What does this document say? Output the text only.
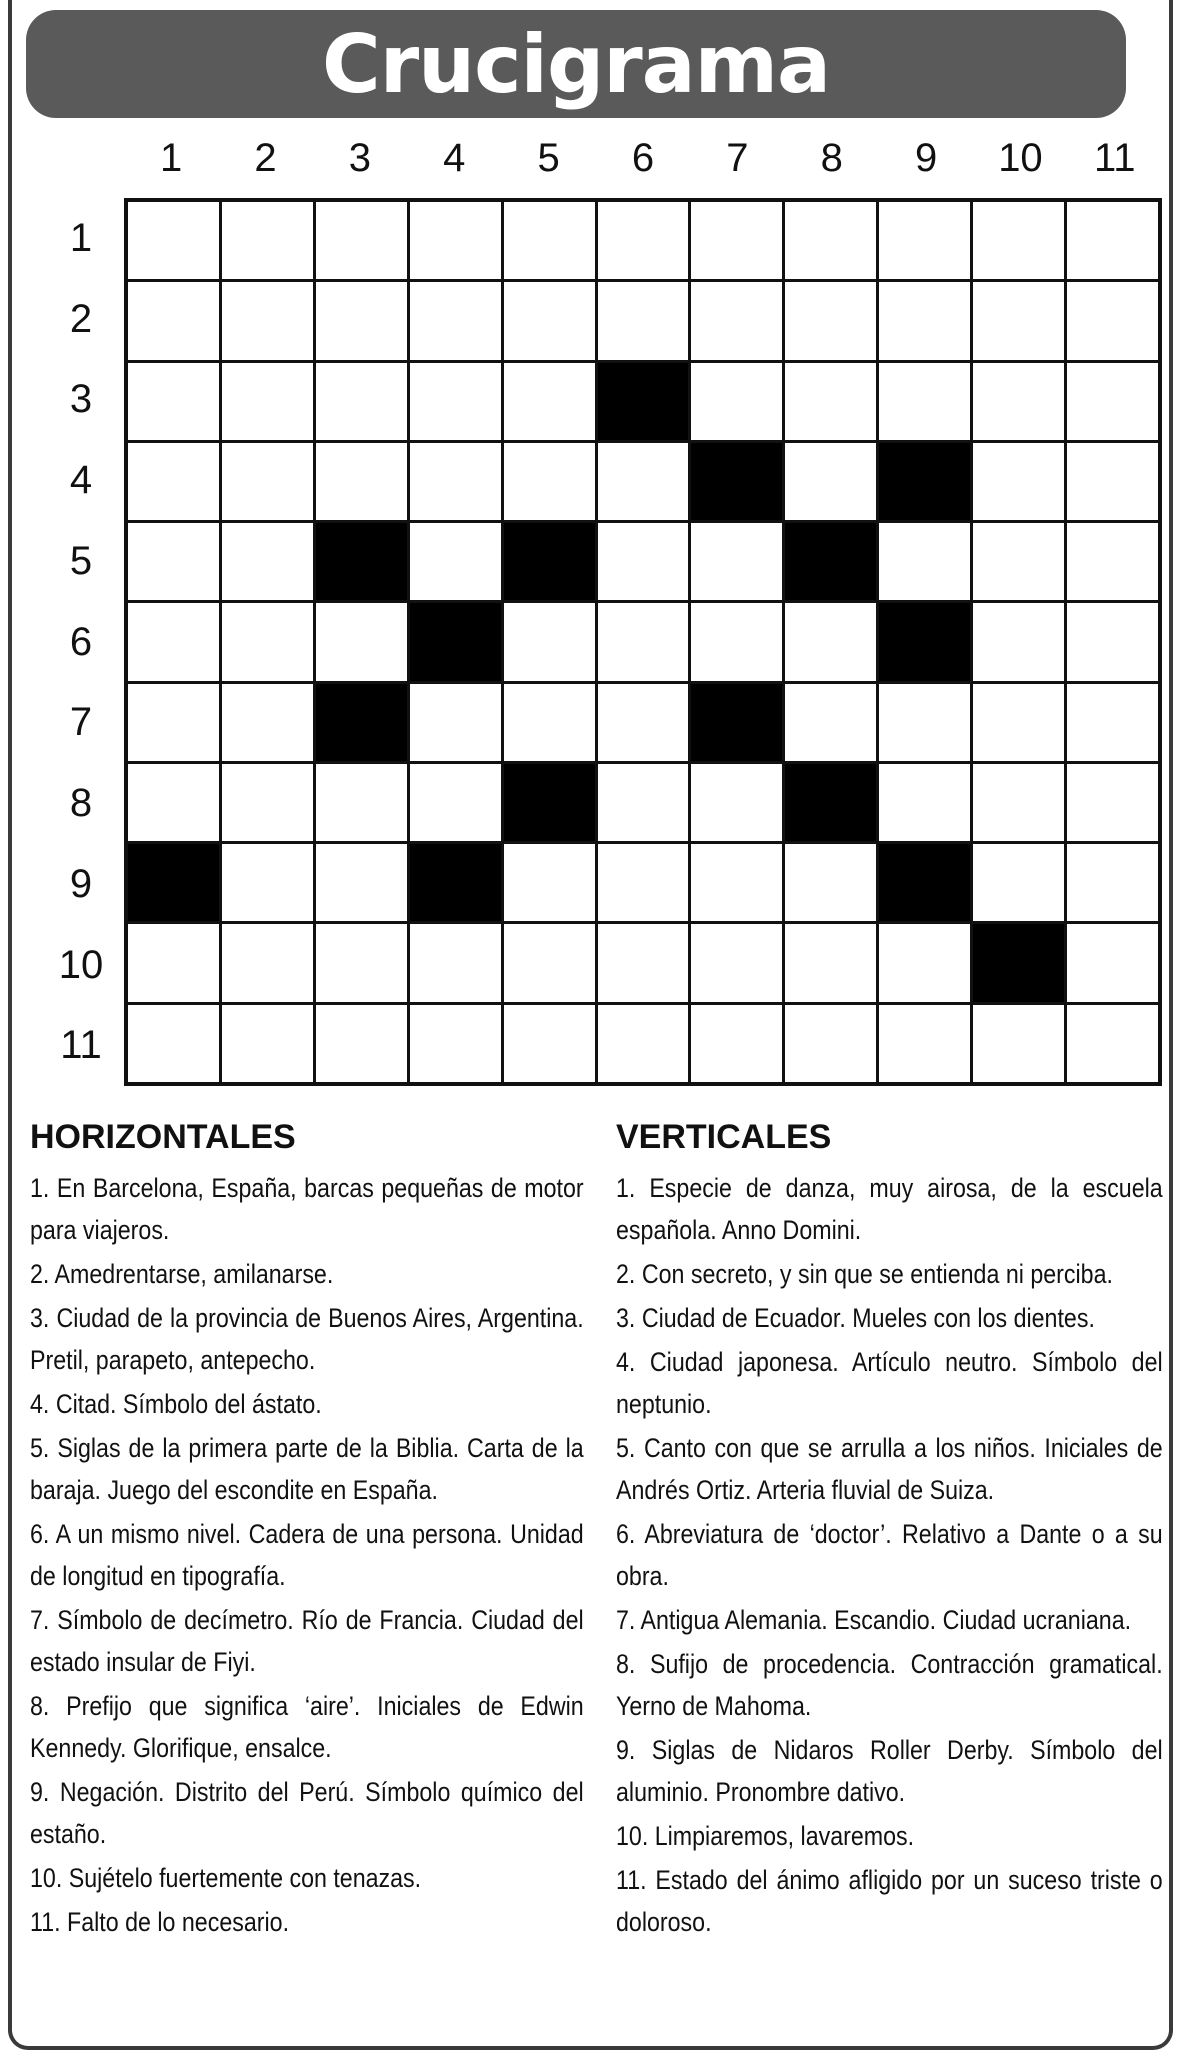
Crucigrama
1	2	3	4	5	6	7	8	9	10	11
1
2
3
4
5
6
7
8
9
10
11
HORIZONTALES
1. En Barcelona, España, barcas pequeñas de motor para viajeros.
2. Amedrentarse, amilanarse.
3. Ciudad de la provincia de Buenos Aires, Argentina. Pretil, parapeto, antepecho.
4. Citad. Símbolo del ástato.
5. Siglas de la primera parte de la Biblia. Carta de la baraja. Juego del escondite en España.
6. A un mismo nivel. Cadera de una persona. Unidad de longitud en tipografía.
7. Símbolo de decímetro. Río de Francia. Ciudad del estado insular de Fiyi.
8. Prefijo que significa ‘aire’. Iniciales de Edwin Kennedy. Glorifique, ensalce.
9. Negación. Distrito del Perú. Símbolo químico del estaño.
10. Sujételo fuertemente con tenazas.
11. Falto de lo necesario.
VERTICALES
1. Especie de danza, muy airosa, de la escuela española. Anno Domini.
2. Con secreto, y sin que se entienda ni perciba.
3. Ciudad de Ecuador. Mueles con los dientes.
4. Ciudad japonesa. Artículo neutro. Símbolo del neptunio.
5. Canto con que se arrulla a los niños. Iniciales de Andrés Ortiz. Arteria fluvial de Suiza.
6. Abreviatura de ‘doctor’. Relativo a Dante o a su obra.
7. Antigua Alemania. Escandio. Ciudad ucraniana.
8. Sufijo de procedencia. Contracción gramatical. Yerno de Mahoma.
9. Siglas de Nidaros Roller Derby. Símbolo del aluminio. Pronombre dativo.
10. Limpiaremos, lavaremos.
11. Estado del ánimo afligido por un suceso triste o doloroso.
